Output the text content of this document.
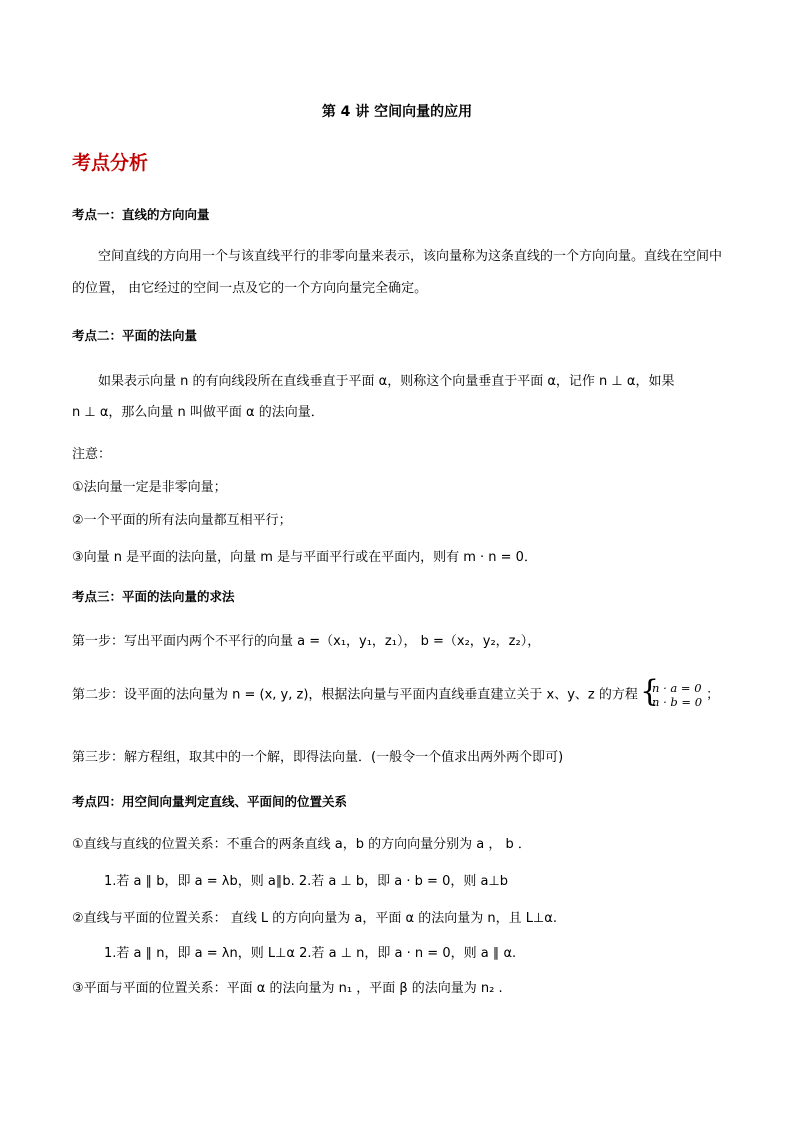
第 4 讲 空间向量的应用
考点分析
考点一：直线的方向向量
空间直线的方向用一个与该直线平行的非零向量来表示，该向量称为这条直线的一个方向向量。直线在空间中的位置， 由它经过的空间一点及它的一个方向向量完全确定。
考点二：平面的法向量
如果表示向量 n 的有向线段所在直线垂直于平面 α，则称这个向量垂直于平面 α，记作 n ⊥ α，如果
n ⊥ α，那么向量 n 叫做平面 α 的法向量．
注意：
①法向量一定是非零向量；
②一个平面的所有法向量都互相平行；
③向量 n 是平面的法向量，向量 m 是与平面平行或在平面内，则有 m · n = 0．
考点三：平面的法向量的求法
第一步：写出平面内两个不平行的向量 a =（x₁，y₁，z₁）， b =（x₂，y₂，z₂），
第二步：设平面的法向量为 n = (x, y, z)，根据法向量与平面内直线垂直建立关于 x、y、z 的方程 { n · a = 0
n · b = 0 ；
第三步：解方程组，取其中的一个解，即得法向量．(一般令一个值求出两外两个即可)
考点四：用空间向量判定直线、平面间的位置关系
①直线与直线的位置关系：不重合的两条直线 a，b 的方向向量分别为 a ， b ．
1.若 a ∥ b，即 a = λb，则 a∥b. 2.若 a ⊥ b，即 a · b = 0，则 a⊥b
②直线与平面的位置关系： 直线 L 的方向向量为 a，平面 α 的法向量为 n，且 L⊥α.
1.若 a ∥ n，即 a = λn，则 L⊥α 2.若 a ⊥ n，即 a · n = 0，则 a ∥ α.
③平面与平面的位置关系：平面 α 的法向量为 n₁ ，平面 β 的法向量为 n₂ .
